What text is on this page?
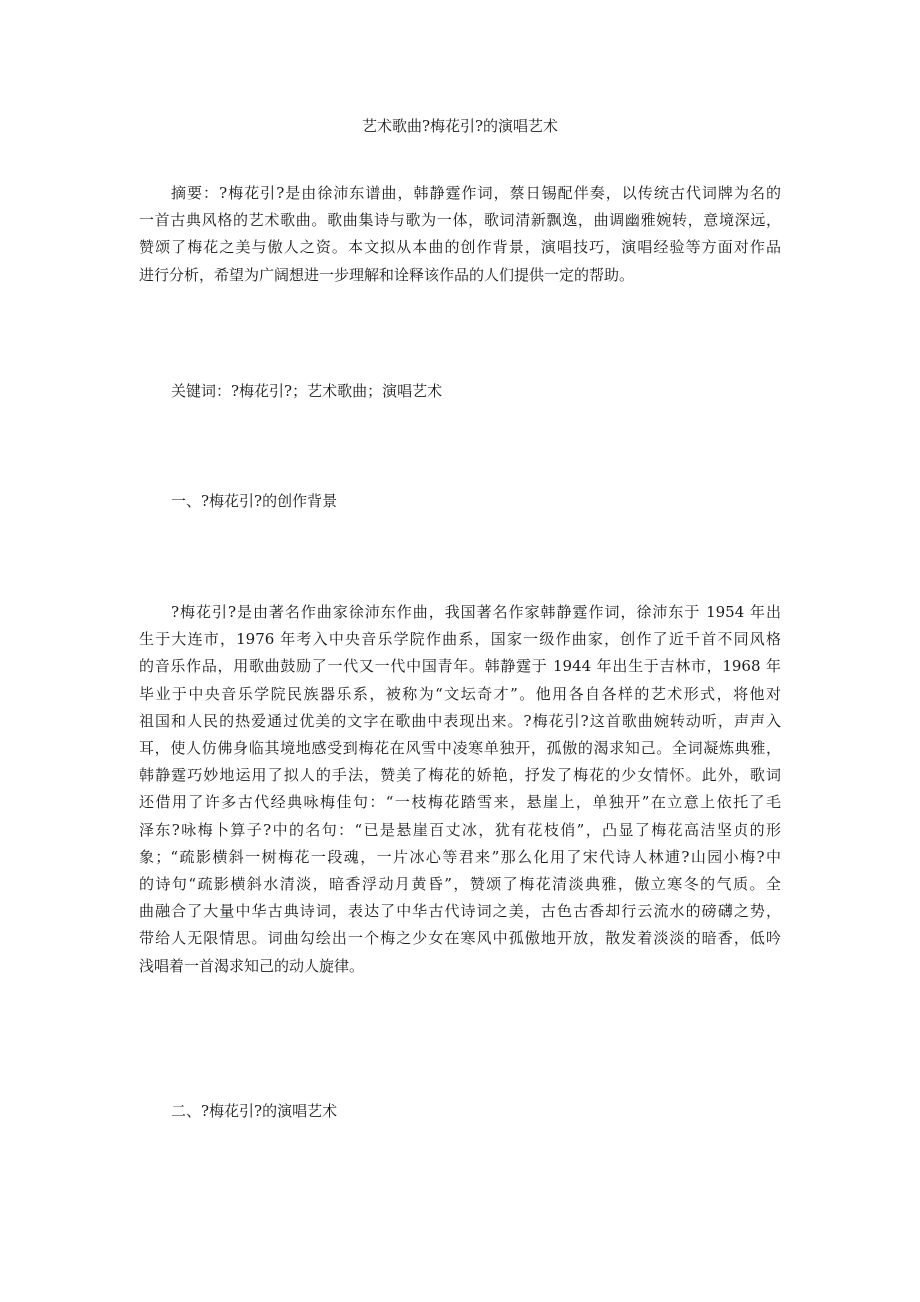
艺术歌曲?梅花引?的演唱艺术
摘要：?梅花引?是由徐沛东谱曲，韩静霆作词，蔡日锡配伴奏，以传统古代词牌为名的
一首古典风格的艺术歌曲。歌曲集诗与歌为一体，歌词清新飘逸，曲调幽雅婉转，意境深远，
赞颂了梅花之美与傲人之资。本文拟从本曲的创作背景，演唱技巧，演唱经验等方面对作品
进行分析，希望为广阔想进一步理解和诠释该作品的人们提供一定的帮助。

关键词：?梅花引?；艺术歌曲；演唱艺术

一、?梅花引?的创作背景

?梅花引?是由著名作曲家徐沛东作曲，我国著名作家韩静霆作词，徐沛东于 1954 年出
生于大连市，1976 年考入中央音乐学院作曲系，国家一级作曲家，创作了近千首不同风格
的音乐作品，用歌曲鼓励了一代又一代中国青年。韩静霆于 1944 年出生于吉林市，1968 年
毕业于中央音乐学院民族器乐系，被称为“文坛奇才”。他用各自各样的艺术形式，将他对
祖国和人民的热爱通过优美的文字在歌曲中表现出来。?梅花引?这首歌曲婉转动听，声声入
耳，使人仿佛身临其境地感受到梅花在风雪中凌寒单独开，孤傲的渴求知己。全词凝炼典雅，
韩静霆巧妙地运用了拟人的手法，赞美了梅花的娇艳，抒发了梅花的少女情怀。此外，歌词
还借用了许多古代经典咏梅佳句：“一枝梅花踏雪来，悬崖上，单独开”在立意上依托了毛
泽东?咏梅卜算子?中的名句：“已是悬崖百丈冰，犹有花枝俏”，凸显了梅花高洁坚贞的形
象；“疏影横斜一树梅花一段魂，一片冰心等君来”那么化用了宋代诗人林逋?山园小梅?中
的诗句“疏影横斜水清淡，暗香浮动月黄昏”，赞颂了梅花清淡典雅，傲立寒冬的气质。全
曲融合了大量中华古典诗词，表达了中华古代诗词之美，古色古香却行云流水的磅礴之势，
带给人无限情思。词曲勾绘出一个梅之少女在寒风中孤傲地开放，散发着淡淡的暗香，低吟
浅唱着一首渴求知己的动人旋律。

二、?梅花引?的演唱艺术
